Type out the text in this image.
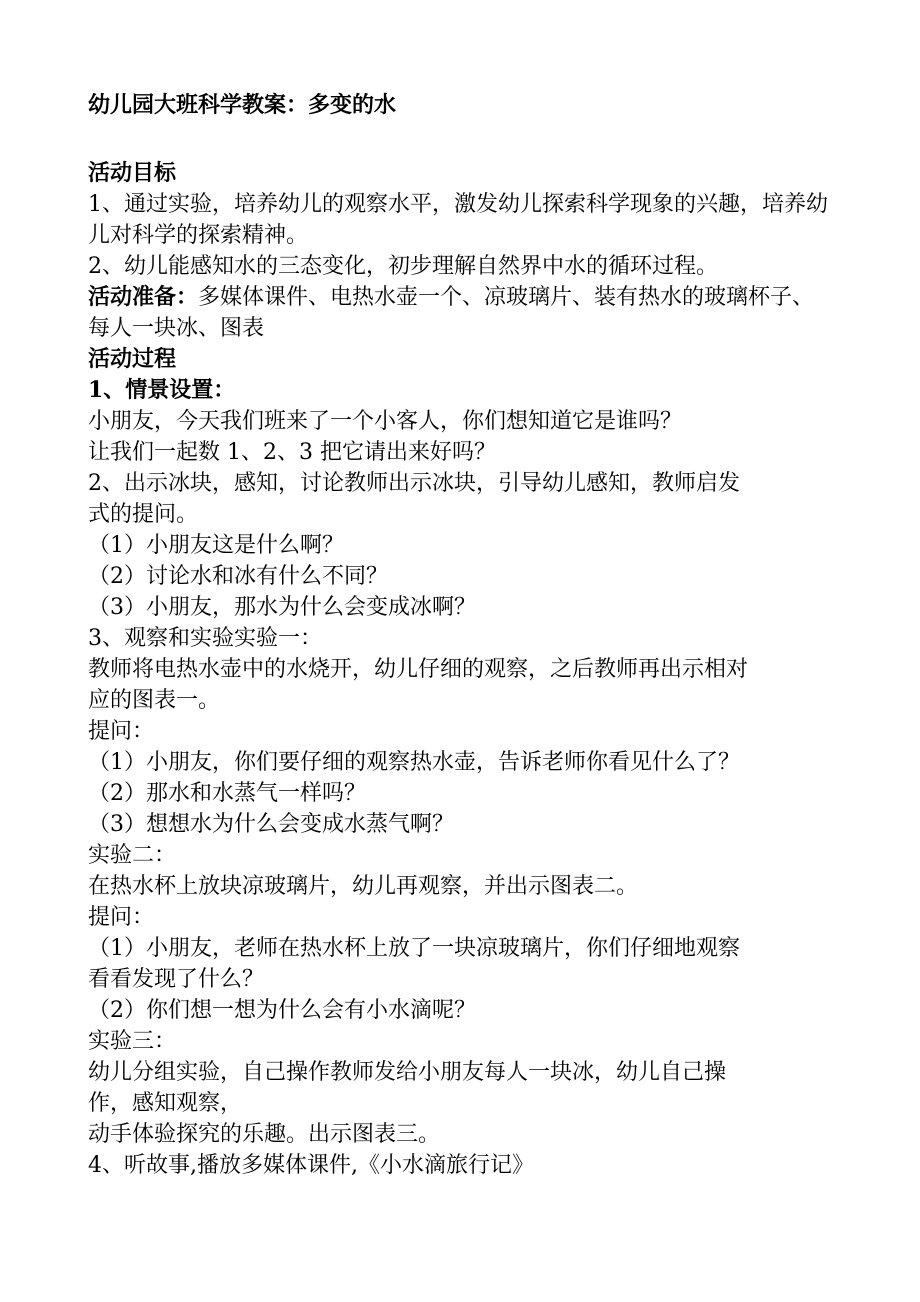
幼儿园大班科学教案：多变的水

活动目标

1、通过实验，培养幼儿的观察水平，激发幼儿探索科学现象的兴趣，培养幼儿对科学的探索精神。

2、幼儿能感知水的三态变化，初步理解自然界中水的循环过程。

活动准备：多媒体课件、电热水壶一个、凉玻璃片、装有热水的玻璃杯子、每人一块冰、图表

活动过程

1、情景设置：

小朋友，今天我们班来了一个小客人，你们想知道它是谁吗？

让我们一起数 1、2、3 把它请出来好吗？

2、出示冰块，感知，讨论教师出示冰块，引导幼儿感知，教师启发

式的提问。

（1）小朋友这是什么啊？

（2）讨论水和冰有什么不同？

（3）小朋友，那水为什么会变成冰啊？

3、观察和实验实验一：

教师将电热水壶中的水烧开，幼儿仔细的观察，之后教师再出示相对

应的图表一。

提问：

（1）小朋友，你们要仔细的观察热水壶，告诉老师你看见什么了？

（2）那水和水蒸气一样吗？

（3）想想水为什么会变成水蒸气啊？

实验二：

在热水杯上放块凉玻璃片，幼儿再观察，并出示图表二。

提问：

（1）小朋友，老师在热水杯上放了一块凉玻璃片，你们仔细地观察

看看发现了什么？

（2）你们想一想为什么会有小水滴呢？

实验三：

幼儿分组实验，自己操作教师发给小朋友每人一块冰，幼儿自己操

作，感知观察，

动手体验探究的乐趣。出示图表三。

4、听故事,播放多媒体课件,《小水滴旅行记》
